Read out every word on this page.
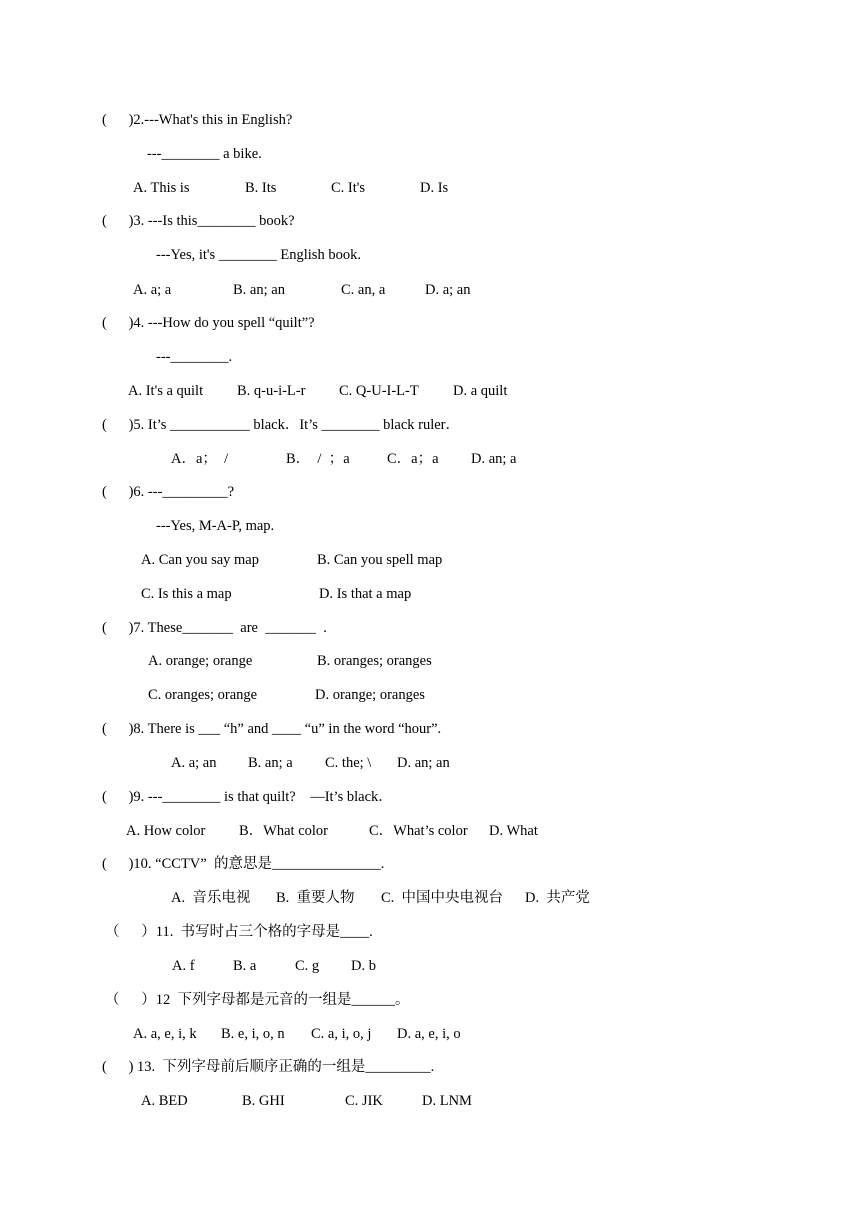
(      )2.---What's this in English?
---________ a bike.
A. This is	B. Its	C. It's	D. Is
(      )3. ---Is this________ book?
---Yes, it's ________ English book.
A. a; a	B. an; an	C. an, a	D. a; an
(      )4. ---How do you spell “quilt”?
---________.
A. It's a quilt B. q-u-i-L-r C. Q-U-I-L-T D. a quilt
(      )5. It’s ___________ black．It’s ________ black ruler．
A．a；  /	B．  /  ；a	C．a；a D. an; a
(      )6. ---_________?
---Yes, M-A-P, map.
A. Can you say map	B. Can you spell map
C. Is this a map	D. Is that a map
(      )7. These_______  are  _______  .
A. orange; orange	B. oranges; oranges
C. oranges; orange	D. orange; oranges
(      )8. There is ___ “h” and ____ “u” in the word “hour”.
A. a; an B. an; a C. the; \ D. an; an
(      )9. ---________ is that quilt?    —It’s black．
A. How color B．What color	C．What’s color D. What
(      )10. “CCTV”  的意思是_______________.
A.  音乐电视 B.  重要人物 C.  中国中央电视台 D.  共产党
（      ）11.  书写时占三个格的字母是____.
A. f	B. a	C. g D. b
（      ）12  下列字母都是元音的一组是______。
A. a, e, i, k B. e, i, o, n C. a, i, o, j D. a, e, i, o
(      ) 13.  下列字母前后顺序正确的一组是_________.
A. BED	B. GHI	C. JIK	D. LNM
